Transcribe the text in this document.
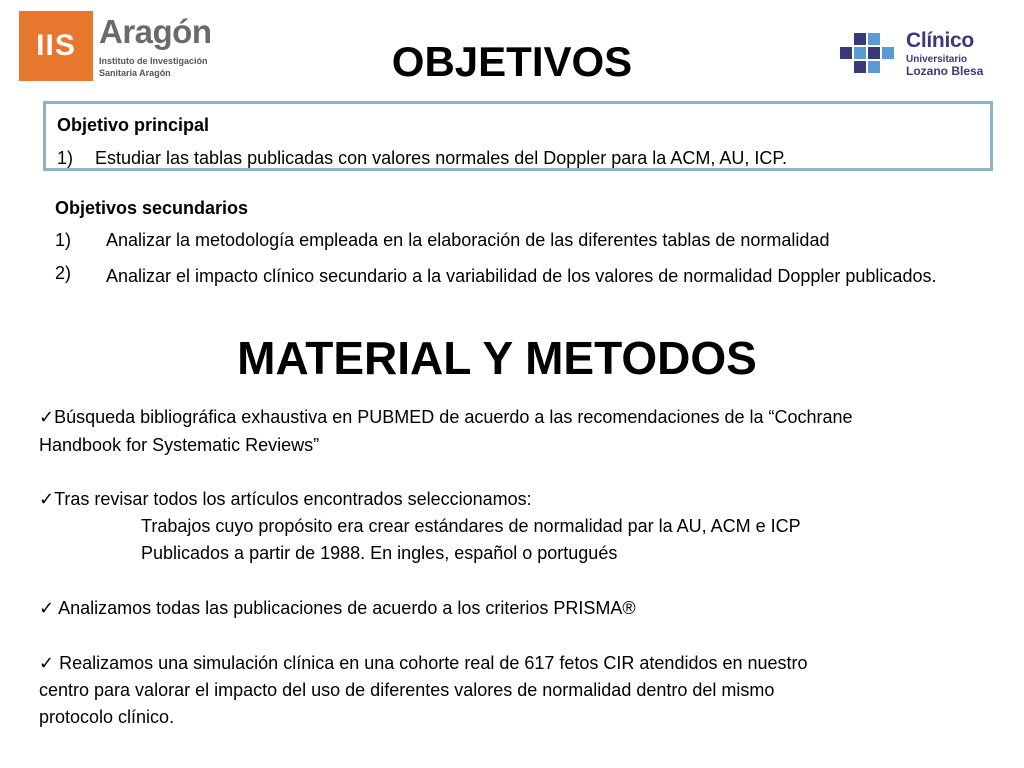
IIS Aragón
Instituto de Investigación
Sanitaria Aragón
Clínico
Universitario
Lozano Blesa
OBJETIVOS
Objetivo principal
1) Estudiar las tablas publicadas con valores normales del Doppler para la ACM, AU, ICP.
Objetivos secundarios
1) Analizar la metodología empleada en la elaboración de las diferentes tablas de normalidad
2) Analizar el impacto clínico secundario a la variabilidad de los valores de normalidad Doppler publicados.
MATERIAL Y METODOS
✓Búsqueda bibliográfica exhaustiva en PUBMED de acuerdo a las recomendaciones de la “Cochrane
Handbook for Systematic Reviews”
✓Tras revisar todos los artículos encontrados seleccionamos:
Trabajos cuyo propósito era crear estándares de normalidad par la AU, ACM e ICP
Publicados a partir de 1988. En ingles, español o portugués
✓ Analizamos todas las publicaciones de acuerdo a los criterios PRISMA®
✓ Realizamos una simulación clínica en una cohorte real de 617 fetos CIR atendidos en nuestro
centro para valorar el impacto del uso de diferentes valores de normalidad dentro del mismo
protocolo clínico.
